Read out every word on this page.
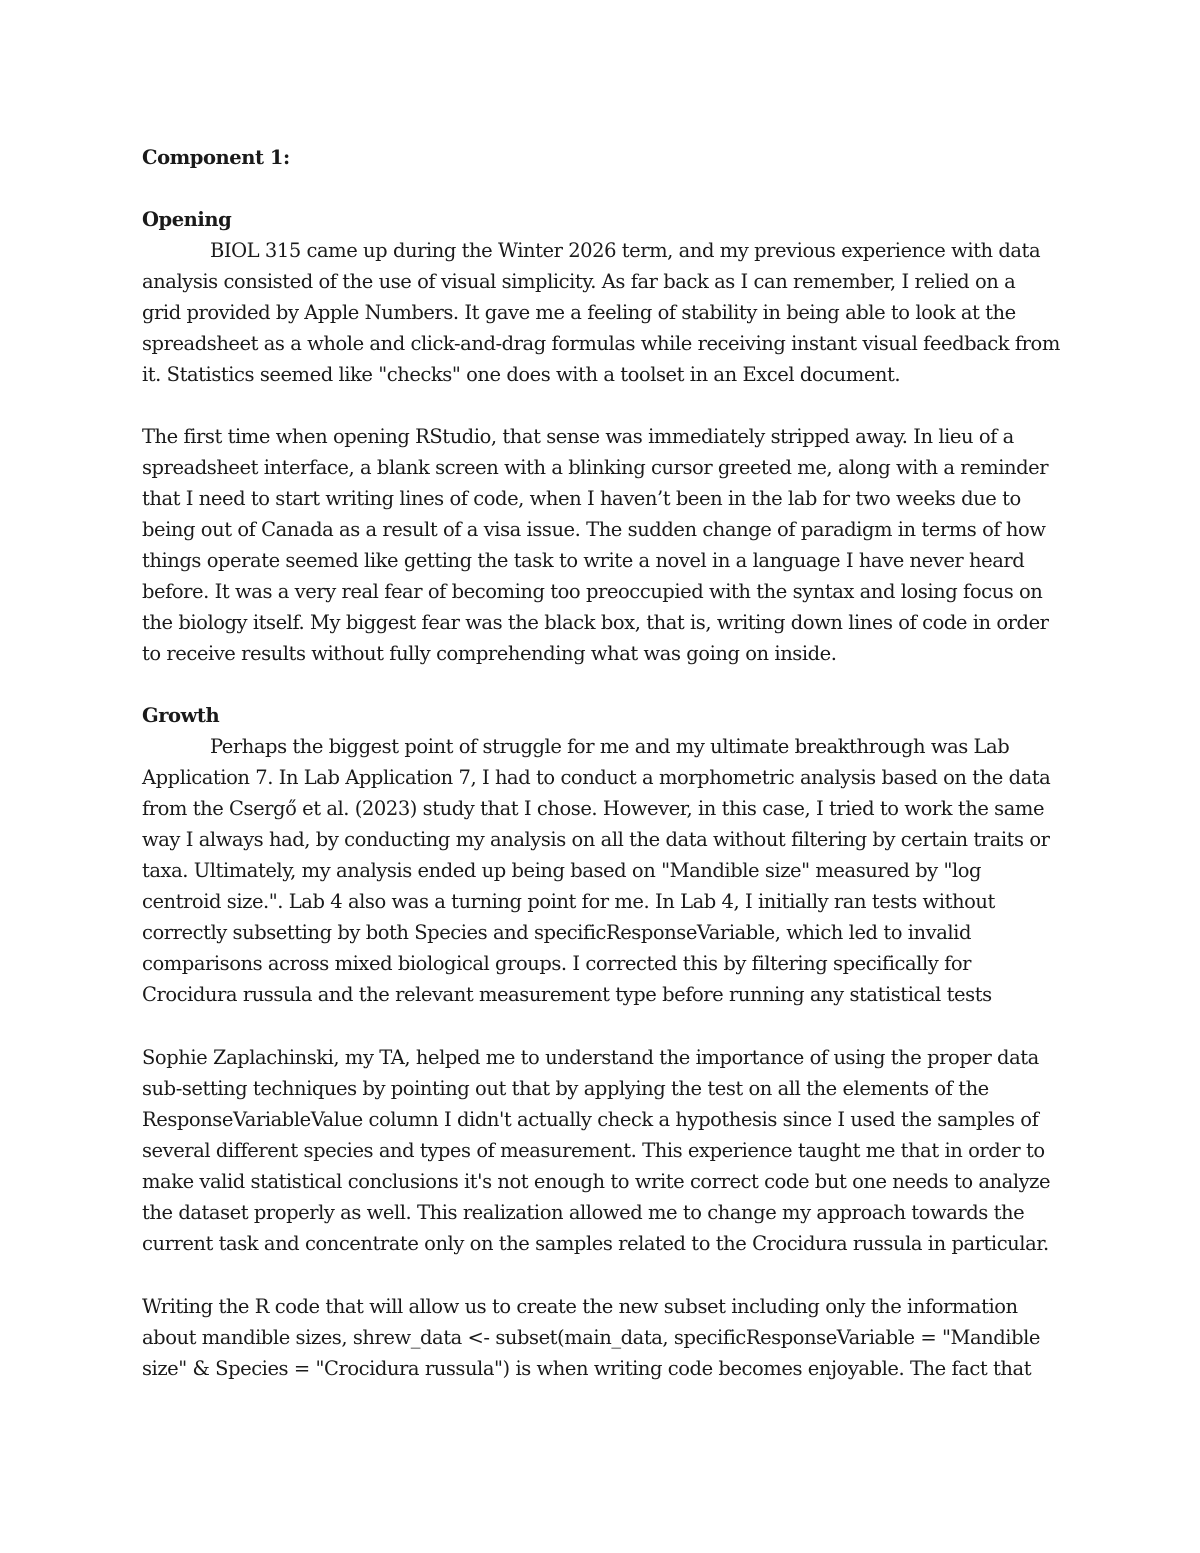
Component 1:

Opening

BIOL 315 came up during the Winter 2026 term, and my previous experience with data

analysis consisted of the use of visual simplicity. As far back as I can remember, I relied on a

grid provided by Apple Numbers. It gave me a feeling of stability in being able to look at the

spreadsheet as a whole and click-and-drag formulas while receiving instant visual feedback from

it. Statistics seemed like "checks" one does with a toolset in an Excel document.

The first time when opening RStudio, that sense was immediately stripped away. In lieu of a

spreadsheet interface, a blank screen with a blinking cursor greeted me, along with a reminder

that I need to start writing lines of code, when I haven’t been in the lab for two weeks due to

being out of Canada as a result of a visa issue. The sudden change of paradigm in terms of how

things operate seemed like getting the task to write a novel in a language I have never heard

before. It was a very real fear of becoming too preoccupied with the syntax and losing focus on

the biology itself. My biggest fear was the black box, that is, writing down lines of code in order

to receive results without fully comprehending what was going on inside.

Growth

Perhaps the biggest point of struggle for me and my ultimate breakthrough was Lab

Application 7. In Lab Application 7, I had to conduct a morphometric analysis based on the data

from the Csergő et al. (2023) study that I chose. However, in this case, I tried to work the same

way I always had, by conducting my analysis on all the data without filtering by certain traits or

taxa. Ultimately, my analysis ended up being based on "Mandible size" measured by "log

centroid size.". Lab 4 also was a turning point for me. In Lab 4, I initially ran tests without

correctly subsetting by both Species and specificResponseVariable, which led to invalid

comparisons across mixed biological groups. I corrected this by filtering specifically for

Crocidura russula and the relevant measurement type before running any statistical tests

Sophie Zaplachinski, my TA, helped me to understand the importance of using the proper data

sub-setting techniques by pointing out that by applying the test on all the elements of the

ResponseVariableValue column I didn't actually check a hypothesis since I used the samples of

several different species and types of measurement. This experience taught me that in order to

make valid statistical conclusions it's not enough to write correct code but one needs to analyze

the dataset properly as well. This realization allowed me to change my approach towards the

current task and concentrate only on the samples related to the Crocidura russula in particular.

Writing the R code that will allow us to create the new subset including only the information

about mandible sizes, shrew_data <- subset(main_data, specificResponseVariable = "Mandible

size" & Species = "Crocidura russula") is when writing code becomes enjoyable. The fact that
